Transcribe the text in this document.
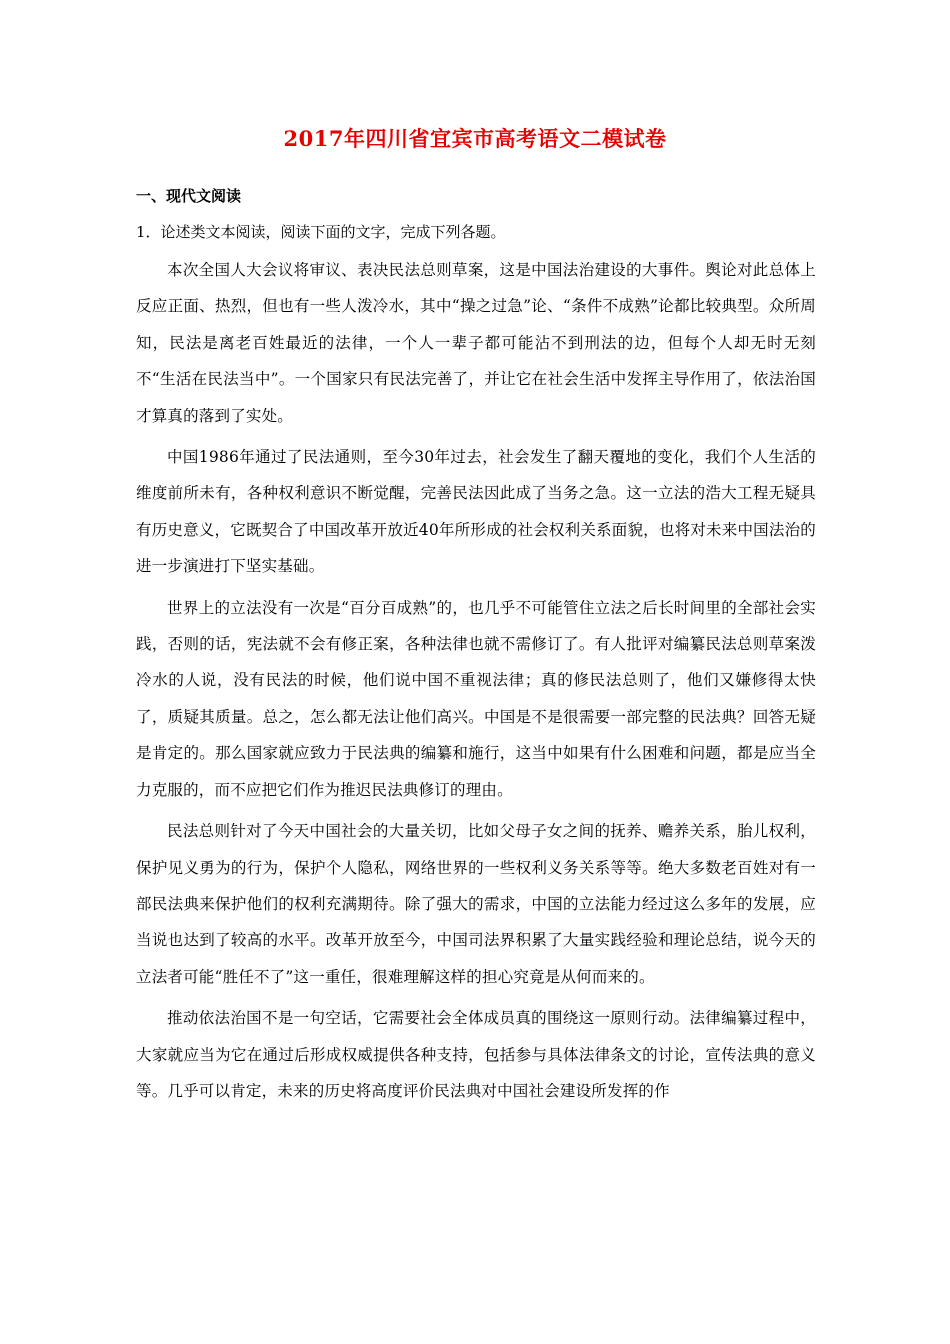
2017年四川省宜宾市高考语文二模试卷
一、现代文阅读
1．论述类文本阅读，阅读下面的文字，完成下列各题。

本次全国人大会议将审议、表决民法总则草案，这是中国法治建设的大事件。舆论对此总体上反应正面、热烈，但也有一些人泼冷水，其中“操之过急”论、“条件不成熟”论都比较典型。众所周知，民法是离老百姓最近的法律，一个人一辈子都可能沾不到刑法的边，但每个人却无时无刻不“生活在民法当中”。一个国家只有民法完善了，并让它在社会生活中发挥主导作用了，依法治国才算真的落到了实处。

中国1986年通过了民法通则，至今30年过去，社会发生了翻天覆地的变化，我们个人生活的维度前所未有，各种权利意识不断觉醒，完善民法因此成了当务之急。这一立法的浩大工程无疑具有历史意义，它既契合了中国改革开放近40年所形成的社会权利关系面貌，也将对未来中国法治的进一步演进打下坚实基础。

世界上的立法没有一次是“百分百成熟”的，也几乎不可能管住立法之后长时间里的全部社会实践，否则的话，宪法就不会有修正案，各种法律也就不需修订了。有人批评对编纂民法总则草案泼冷水的人说，没有民法的时候，他们说中国不重视法律；真的修民法总则了，他们又嫌修得太快了，质疑其质量。总之，怎么都无法让他们高兴。中国是不是很需要一部完整的民法典？回答无疑是肯定的。那么国家就应致力于民法典的编纂和施行，这当中如果有什么困难和问题，都是应当全力克服的，而不应把它们作为推迟民法典修订的理由。

民法总则针对了今天中国社会的大量关切，比如父母子女之间的抚养、赡养关系，胎儿权利，保护见义勇为的行为，保护个人隐私，网络世界的一些权利义务关系等等。绝大多数老百姓对有一部民法典来保护他们的权利充满期待。除了强大的需求，中国的立法能力经过这么多年的发展，应当说也达到了较高的水平。改革开放至今，中国司法界积累了大量实践经验和理论总结，说今天的立法者可能“胜任不了”这一重任，很难理解这样的担心究竟是从何而来的。

推动依法治国不是一句空话，它需要社会全体成员真的围绕这一原则行动。法律编纂过程中，大家就应当为它在通过后形成权威提供各种支持，包括参与具体法律条文的讨论，宣传法典的意义等。几乎可以肯定，未来的历史将高度评价民法典对中国社会建设所发挥的作
